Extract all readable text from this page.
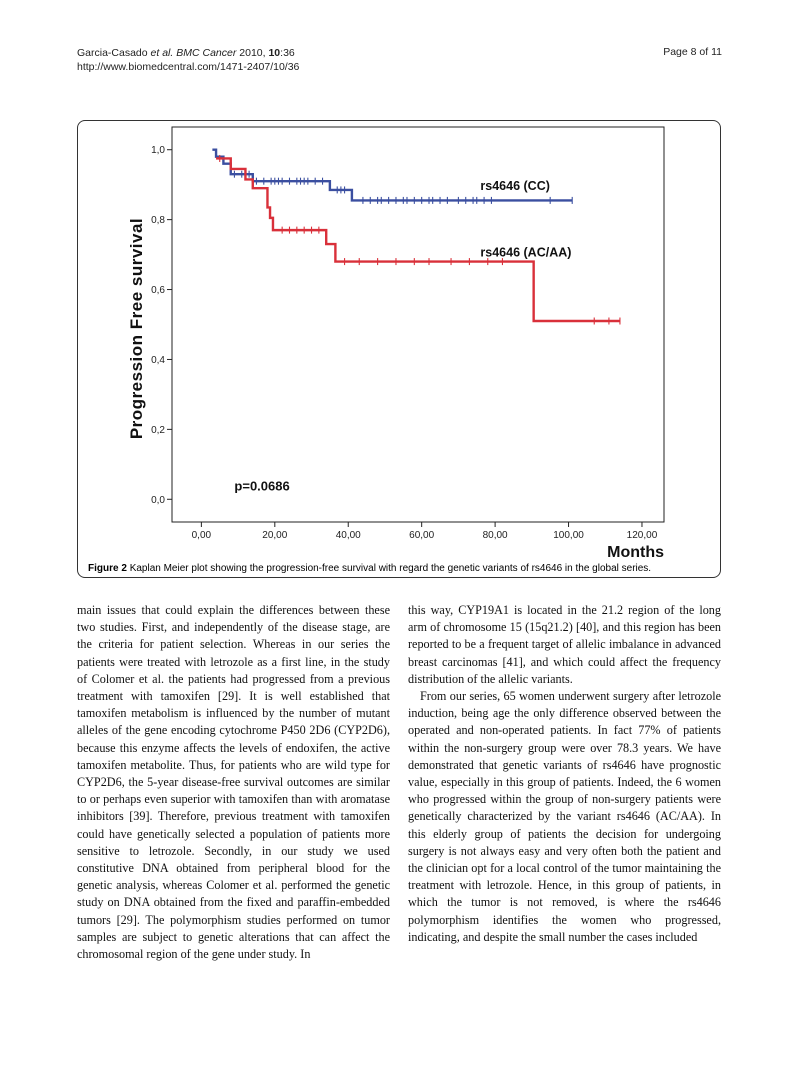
Garcia-Casado et al. BMC Cancer 2010, 10:36
http://www.biomedcentral.com/1471-2407/10/36
Page 8 of 11
0,0
0,2
0,4
0,6
0,8
1,0
0,00	20,00	40,00	60,00	80,00	100,00	120,00
Progression Free survival
Months
p=0.0686
rs4646 (CC)
rs4646 (AC/AA)
Figure 2 Kaplan Meier plot showing the progression-free survival with regard the genetic variants of rs4646 in the global series.

main issues that could explain the differences between these two studies. First, and independently of the disease stage, are the criteria for patient selection. Whereas in our series the patients were treated with letrozole as a first line, in the study of Colomer et al. the patients had progressed from a previous treatment with tamoxifen [29]. It is well established that tamoxifen metabolism is influenced by the number of mutant alleles of the gene encoding cytochrome P450 2D6 (CYP2D6), because this enzyme affects the levels of endoxifen, the active tamoxifen metabolite. Thus, for patients who are wild type for CYP2D6, the 5-year disease-free survival outcomes are similar to or perhaps even superior with tamoxifen than with aromatase inhibitors [39]. Therefore, previous treatment with tamoxifen could have genetically selected a population of patients more sensitive to letrozole. Secondly, in our study we used constitutive DNA obtained from peripheral blood for the genetic analysis, whereas Colomer et al. performed the genetic study on DNA obtained from the fixed and paraffin-embedded tumors [29]. The polymorphism studies performed on tumor samples are subject to genetic alterations that can affect the chromosomal region of the gene under study. In

this way, CYP19A1 is located in the 21.2 region of the long arm of chromosome 15 (15q21.2) [40], and this region has been reported to be a frequent target of allelic imbalance in advanced breast carcinomas [41], and which could affect the frequency distribution of the allelic variants.

From our series, 65 women underwent surgery after letrozole induction, being age the only difference observed between the operated and non-operated patients. In fact 77% of patients within the non-surgery group were over 78.3 years. We have demonstrated that genetic variants of rs4646 have prognostic value, especially in this group of patients. Indeed, the 6 women who progressed within the group of non-surgery patients were genetically characterized by the variant rs4646 (AC/AA). In this elderly group of patients the decision for undergoing surgery is not always easy and very often both the patient and the clinician opt for a local control of the tumor maintaining the treatment with letrozole. Hence, in this group of patients, in which the tumor is not removed, is where the rs4646 polymorphism identifies the women who progressed, indicating, and despite the small number the cases included
